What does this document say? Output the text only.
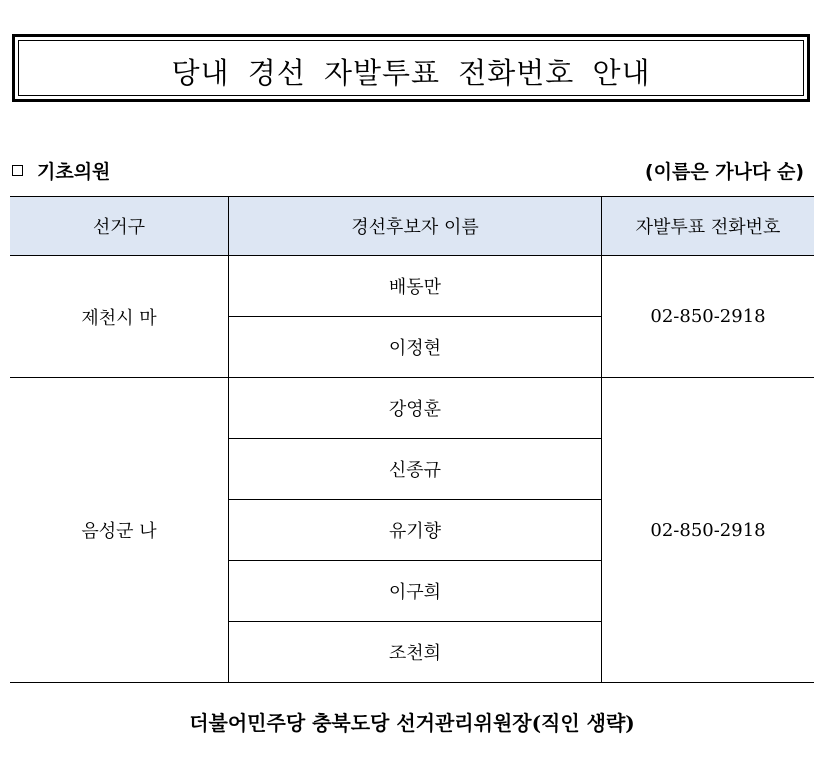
당내 경선 자발투표 전화번호 안내
기초의원	(이름은 가나다 순)
선거구	경선후보자 이름	자발투표 전화번호
제천시 마	배동만	02-850-2918
	이정현	
음성군 나	강영훈	02-850-2918
	신종규	
	유기향	
	이구희	
	조천희	
더불어민주당 충북도당 선거관리위원장(직인 생략)
